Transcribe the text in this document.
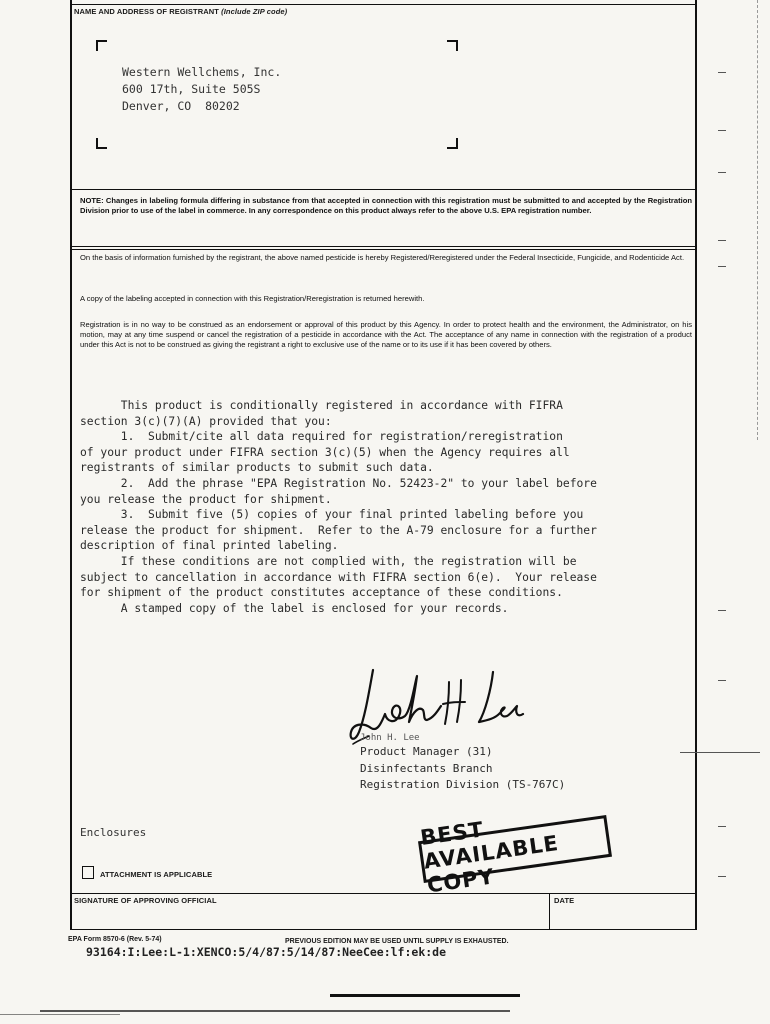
NAME AND ADDRESS OF REGISTRANT (Include ZIP code)
Western Wellchems, Inc.
600 17th, Suite 505S
Denver, CO  80202
NOTE: Changes in labeling formula differing in substance from that accepted in connection with this registration must be submitted to and accepted by the Registration Division prior to use of the label in commerce. In any correspondence on this product always refer to the above U.S. EPA registration number.
On the basis of information furnished by the registrant, the above named pesticide is hereby Registered/Reregistered under the Federal Insecticide, Fungicide, and Rodenticide Act.
A copy of the labeling accepted in connection with this Registration/Reregistration is returned herewith.
Registration is in no way to be construed as an endorsement or approval of this product by this Agency. In order to protect health and the environment, the Administrator, on his motion, may at any time suspend or cancel the registration of a pesticide in accordance with the Act. The acceptance of any name in connection with the registration of a product under this Act is not to be construed as giving the registrant a right to exclusive use of the name or to its use if it has been covered by others.
This product is conditionally registered in accordance with FIFRA
section 3(c)(7)(A) provided that you:
1.  Submit/cite all data required for registration/reregistration
of your product under FIFRA section 3(c)(5) when the Agency requires all
registrants of similar products to submit such data.
2.  Add the phrase "EPA Registration No. 52423-2" to your label before
you release the product for shipment.
3.  Submit five (5) copies of your final printed labeling before you
release the product for shipment.  Refer to the A-79 enclosure for a further
description of final printed labeling.
If these conditions are not complied with, the registration will be
subject to cancellation in accordance with FIFRA section 6(e).  Your release
for shipment of the product constitutes acceptance of these conditions.
A stamped copy of the label is enclosed for your records.
John H. Lee
Product Manager (31)
Disinfectants Branch
Registration Division (TS-767C)
Enclosures
ATTACHMENT IS APPLICABLE
BEST AVAILABLE COPY
SIGNATURE OF APPROVING OFFICIAL	DATE
EPA Form 8570-6 (Rev. 5-74)	PREVIOUS EDITION MAY BE USED UNTIL SUPPLY IS EXHAUSTED.
93164:I:Lee:L-1:XENCO:5/4/87:5/14/87:NeeCee:lf:ek:de
